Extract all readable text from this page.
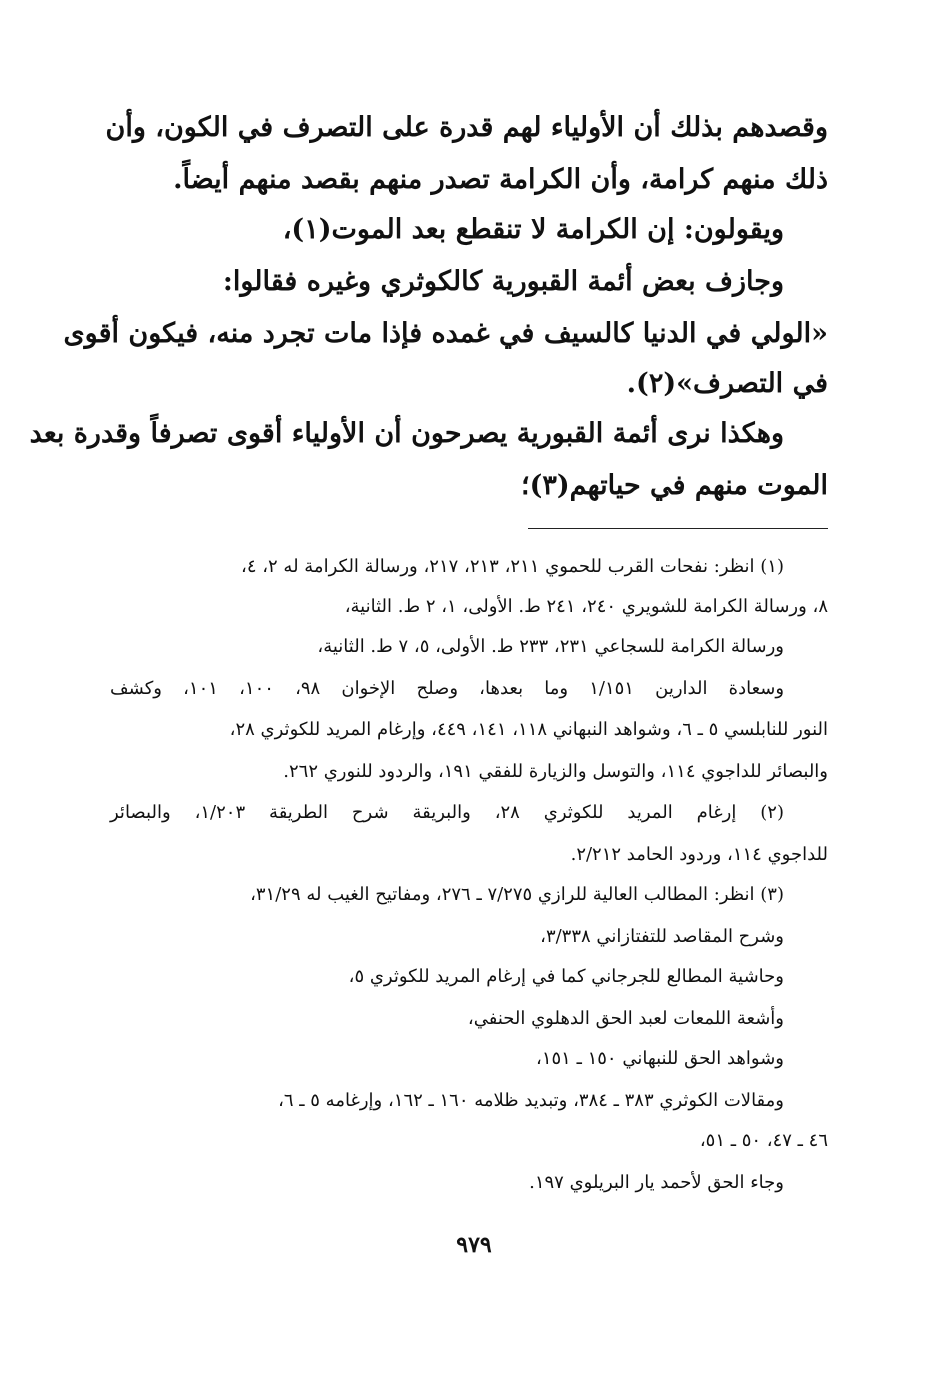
وقصدهم بذلك أن الأولياء لهم قدرة على التصرف في الكون، وأن
ذلك منهم كرامة، وأن الكرامة تصدر منهم بقصد منهم أيضاً.
ويقولون: إن الكرامة لا تنقطع بعد الموت(١)،
وجازف بعض أئمة القبورية كالكوثري وغيره فقالوا:
«الولي في الدنيا كالسيف في غمده فإذا مات تجرد منه، فيكون أقوى
في التصرف»(٢).
وهكذا نرى أئمة القبورية يصرحون أن الأولياء أقوى تصرفاً وقدرة بعد
الموت منهم في حياتهم(٣)؛
(١) انظر: نفحات القرب للحموي ٢١١، ٢١٣، ٢١٧، ورسالة الكرامة له ٢، ٤،
٨، ورسالة الكرامة للشويري ٢٤٠، ٢٤١ ط. الأولى، ١، ٢ ط. الثانية،
ورسالة الكرامة للسجاعي ٢٣١، ٢٣٣ ط. الأولى، ٥، ٧ ط. الثانية،
وسعادة الدارين ١/١٥١ وما بعدها، وصلح الإخوان ٩٨، ١٠٠، ١٠١، وكشف
النور للنابلسي ٥ ـ ٦، وشواهد النبهاني ١١٨، ١٤١، ٤٤٩، وإرغام المريد للكوثري ٢٨،
والبصائر للداجوي ١١٤، والتوسل والزيارة للفقي ١٩١، والردود للنوري ٢٦٢.
(٢) إرغام المريد للكوثري ٢٨، والبريقة شرح الطريقة ١/٢٠٣، والبصائر
للداجوي ١١٤، وردود الحامد ٢/٢١٢.
(٣) انظر: المطالب العالية للرازي ٧/٢٧٥ ـ ٢٧٦، ومفاتيح الغيب له ٣١/٢٩،
وشرح المقاصد للتفتازاني ٣/٣٣٨،
وحاشية المطالع للجرجاني كما في إرغام المريد للكوثري ٥،
وأشعة اللمعات لعبد الحق الدهلوي الحنفي،
وشواهد الحق للنبهاني ١٥٠ ـ ١٥١،
ومقالات الكوثري ٣٨٣ ـ ٣٨٤، وتبديد ظلامه ١٦٠ ـ ١٦٢، وإرغامه ٥ ـ ٦،
٤٦ ـ ٤٧، ٥٠ ـ ٥١،
وجاء الحق لأحمد يار البريلوي ١٩٧.
٩٧٩
